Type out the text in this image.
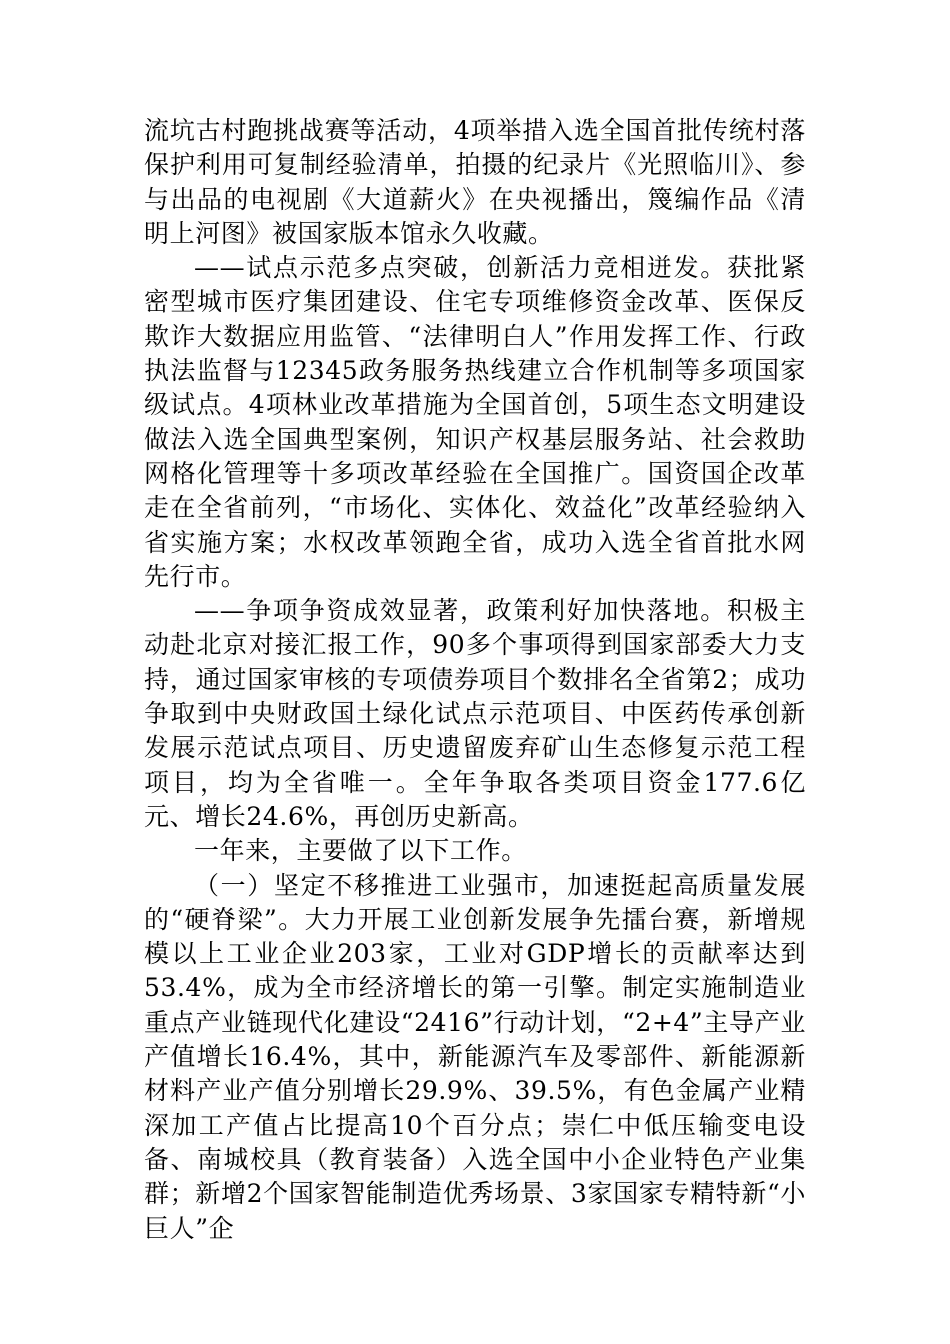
流坑古村跑挑战赛等活动，4项举措入选全国首批传统村落保护利用可复制经验清单，拍摄的纪录片《光照临川》、参与出品的电视剧《大道薪火》在央视播出，篾编作品《清明上河图》被国家版本馆永久收藏。

——试点示范多点突破，创新活力竞相迸发。获批紧密型城市医疗集团建设、住宅专项维修资金改革、医保反欺诈大数据应用监管、“法律明白人”作用发挥工作、行政执法监督与12345政务服务热线建立合作机制等多项国家级试点。4项林业改革措施为全国首创，5项生态文明建设做法入选全国典型案例，知识产权基层服务站、社会救助网格化管理等十多项改革经验在全国推广。国资国企改革走在全省前列，“市场化、实体化、效益化”改革经验纳入省实施方案；水权改革领跑全省，成功入选全省首批水网先行市。

——争项争资成效显著，政策利好加快落地。积极主动赴北京对接汇报工作，90多个事项得到国家部委大力支持，通过国家审核的专项债券项目个数排名全省第2；成功争取到中央财政国土绿化试点示范项目、中医药传承创新发展示范试点项目、历史遗留废弃矿山生态修复示范工程项目，均为全省唯一。全年争取各类项目资金177.6亿元、增长24.6%，再创历史新高。

一年来，主要做了以下工作。

（一）坚定不移推进工业强市，加速挺起高质量发展的“硬脊梁”。大力开展工业创新发展争先擂台赛，新增规模以上工业企业203家，工业对GDP增长的贡献率达到53.4%，成为全市经济增长的第一引擎。制定实施制造业重点产业链现代化建设“2416”行动计划，“2+4”主导产业产值增长16.4%，其中，新能源汽车及零部件、新能源新材料产业产值分别增长29.9%、39.5%，有色金属产业精深加工产值占比提高10个百分点；崇仁中低压输变电设备、南城校具（教育装备）入选全国中小企业特色产业集群；新增2个国家智能制造优秀场景、3家国家专精特新“小巨人”企
